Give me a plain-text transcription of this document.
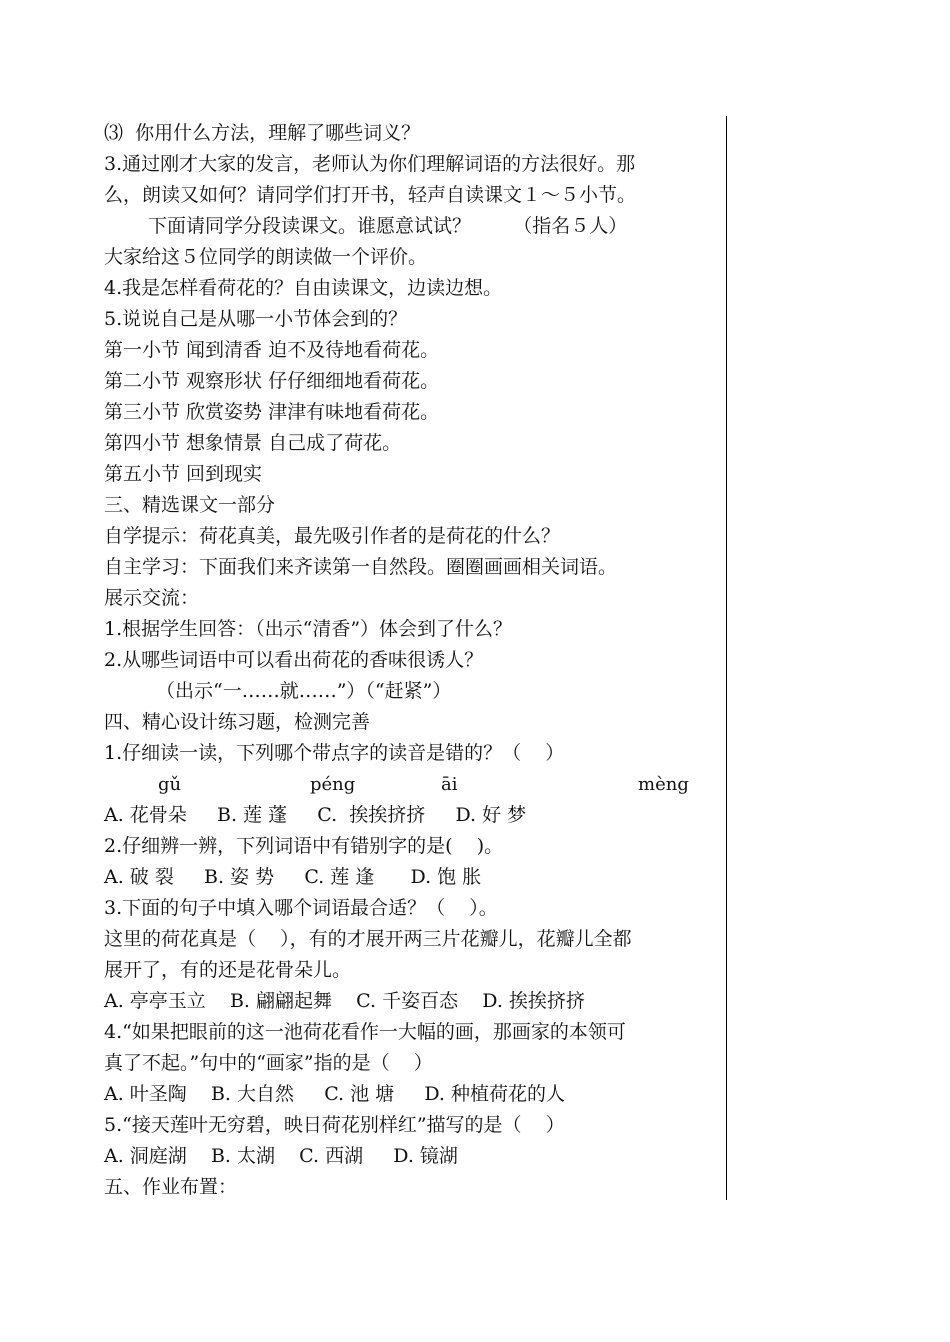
⑶  你用什么方法，理解了哪些词义？
3.通过刚才大家的发言，老师认为你们理解词语的方法很好。那
么，朗读又如何？请同学们打开书，轻声自读课文１～５小节。
下面请同学分段读课文。谁愿意试试？       （指名５人）
大家给这５位同学的朗读做一个评价。
4.我是怎样看荷花的？自由读课文，边读边想。
5.说说自己是从哪一小节体会到的？
第一小节 闻到清香 迫不及待地看荷花。
第二小节 观察形状 仔仔细细地看荷花。
第三小节 欣赏姿势 津津有味地看荷花。
第四小节 想象情景 自己成了荷花。
第五小节 回到现实
三、精选课文一部分
自学提示：荷花真美，最先吸引作者的是荷花的什么？
自主学习：下面我们来齐读第一自然段。圈圈画画相关词语。
展示交流：
1.根据学生回答：（出示“清香”）体会到了什么？
2.从哪些词语中可以看出荷花的香味很诱人？
（出示“一……就……”）（“赶紧”）
四、精心设计练习题，检测完善
1.仔细读一读，下列哪个带点字的读音是错的？（    ）
gǔ	péng	āi	mèng
A. 花骨朵     B. 莲 蓬     C.  挨挨挤挤     D. 好 梦
2.仔细辨一辨，下列词语中有错别字的是(    )。
A. 破 裂     B. 姿 势     C. 莲 逢      D. 饱 胀
3.下面的句子中填入哪个词语最合适？（    ）。
这里的荷花真是（    ），有的才展开两三片花瓣儿，花瓣儿全都
展开了，有的还是花骨朵儿。
A. 亭亭玉立    B. 翩翩起舞    C. 千姿百态    D. 挨挨挤挤
4.“如果把眼前的这一池荷花看作一大幅的画，那画家的本领可
真了不起。”句中的“画家”指的是（    ）
A. 叶圣陶    B. 大自然     C. 池 塘     D. 种植荷花的人
5.“接天莲叶无穷碧，映日荷花别样红”描写的是（    ）
A. 洞庭湖    B. 太湖    C. 西湖     D. 镜湖
五、作业布置：
